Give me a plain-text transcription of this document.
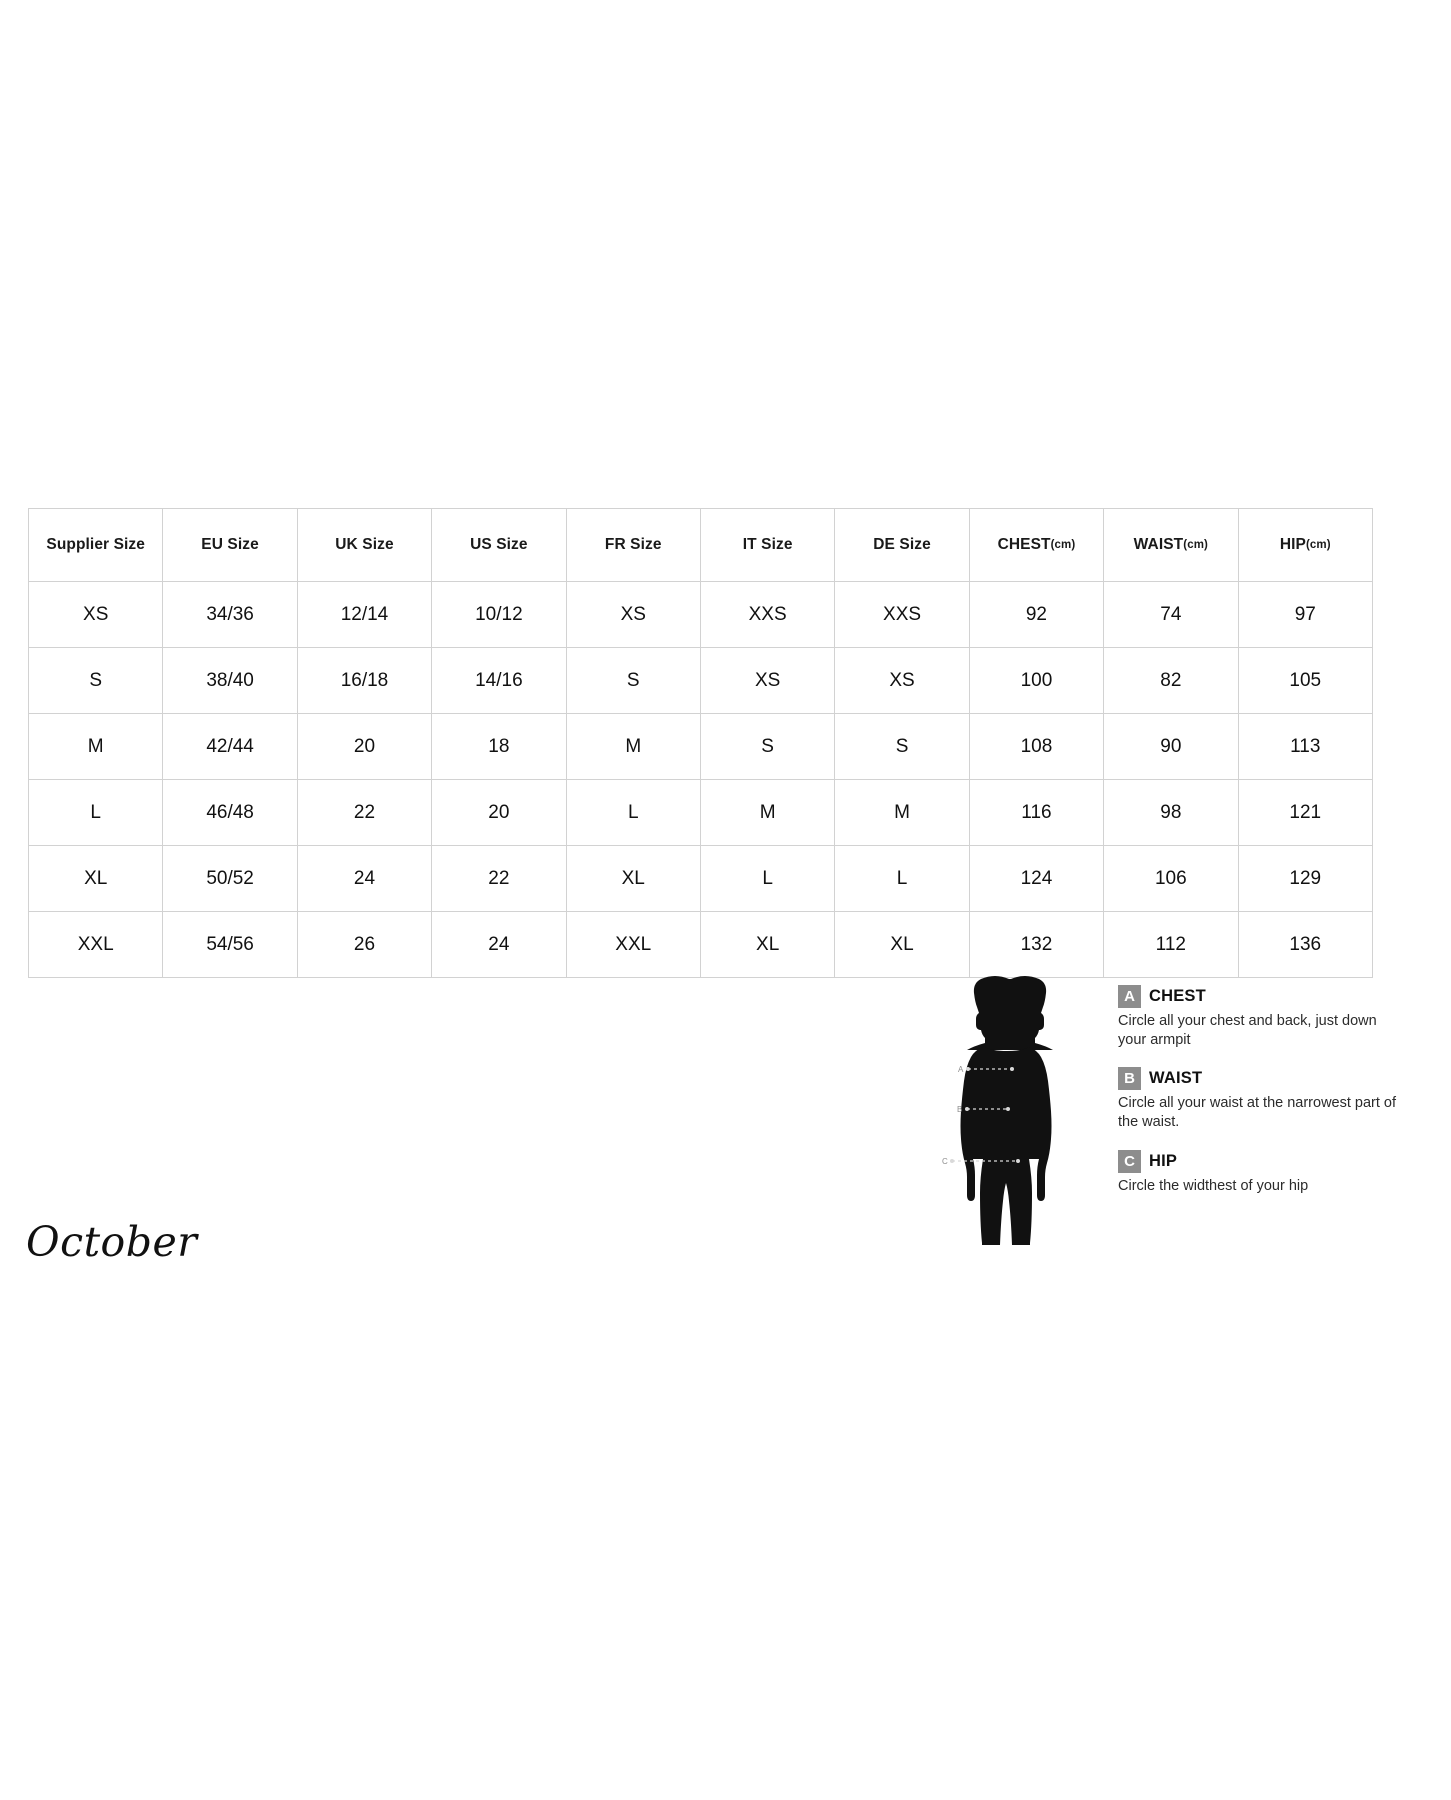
Supplier Size	EU Size	UK Size	US Size	FR Size	IT Size	DE Size	CHEST(cm)	WAIST(cm)	HIP(cm)
XS	34/36	12/14	10/12	XS	XXS	XXS	92	74	97
S	38/40	16/18	14/16	S	XS	XS	100	82	105
M	42/44	20	18	M	S	S	108	90	113
L	46/48	22	20	L	M	M	116	98	121
XL	50/52	24	22	XL	L	L	124	106	129
XXL	54/56	26	24	XXL	XL	XL	132	112	136
October
A
B
C
A CHEST
Circle all your chest and back, just down your armpit
B WAIST
Circle all your waist at the narrowest part of the waist.
C HIP
Circle the widthest of your hip
